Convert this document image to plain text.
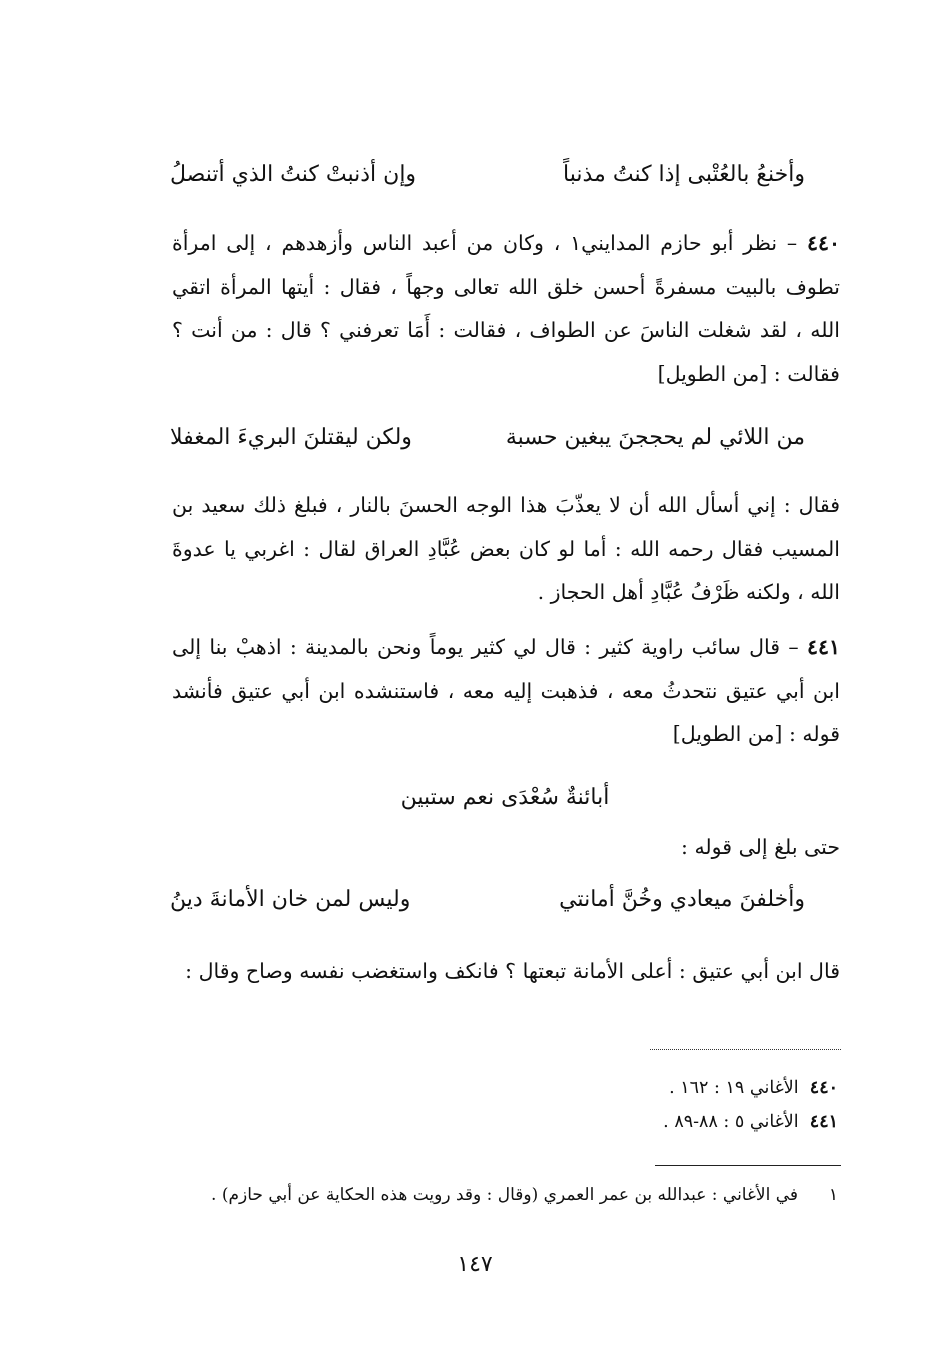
وأخنعُ بالعُتْبى إذا كنتُ مذنباً
وإن أذنبتْ كنتُ الذي أتنصلُ
٤٤٠ – نظر أبو حازم المدايني١ ، وكان من أعبد الناس وأزهدهم ، إلى امرأة تطوف بالبيت مسفرةً أحسن خلق الله تعالى وجهاً ، فقال : أيتها المرأة اتقي الله ، لقد شغلت الناسَ عن الطواف ، فقالت : أَمَا تعرفني ؟ قال : من أنت ؟ فقالت : [من الطويل]
من اللائي لم يحججنَ يبغين حسبة
ولكن ليقتلنَ البريءَ المغفلا
فقال : إني أسأل الله أن لا يعذّبَ هذا الوجه الحسنَ بالنار ، فبلغ ذلك سعيد بن المسيب فقال رحمه الله : أما لو كان بعض عُبَّادِ العراق لقال : اغربي يا عدوةَ الله ، ولكنه ظَرْفُ عُبَّادِ أهل الحجاز .
٤٤١ – قال سائب راوية كثير : قال لي كثير يوماً ونحن بالمدينة : اذهبْ بنا إلى ابن أبي عتيق نتحدثُ معه ، فذهبت إليه معه ، فاستنشده ابن أبي عتيق فأنشد قوله : [من الطويل]
أبائنةٌ سُعْدَى نعم ستبين
حتى بلغ إلى قوله :
وأخلفنَ ميعادي وخُنَّ أمانتي
وليس لمن خان الأمانةَ دينُ
قال ابن أبي عتيق : أعلى الأمانة تبعتها ؟ فانكف واستغضب نفسه وصاح وقال :
٤٤٠  الأغاني ١٩ : ١٦٢ .
٤٤١  الأغاني ٥ : ٨٨-٨٩ .
١في الأغاني : عبدالله بن عمر العمري (وقال : وقد رويت هذه الحكاية عن أبي حازم) .
١٤٧
